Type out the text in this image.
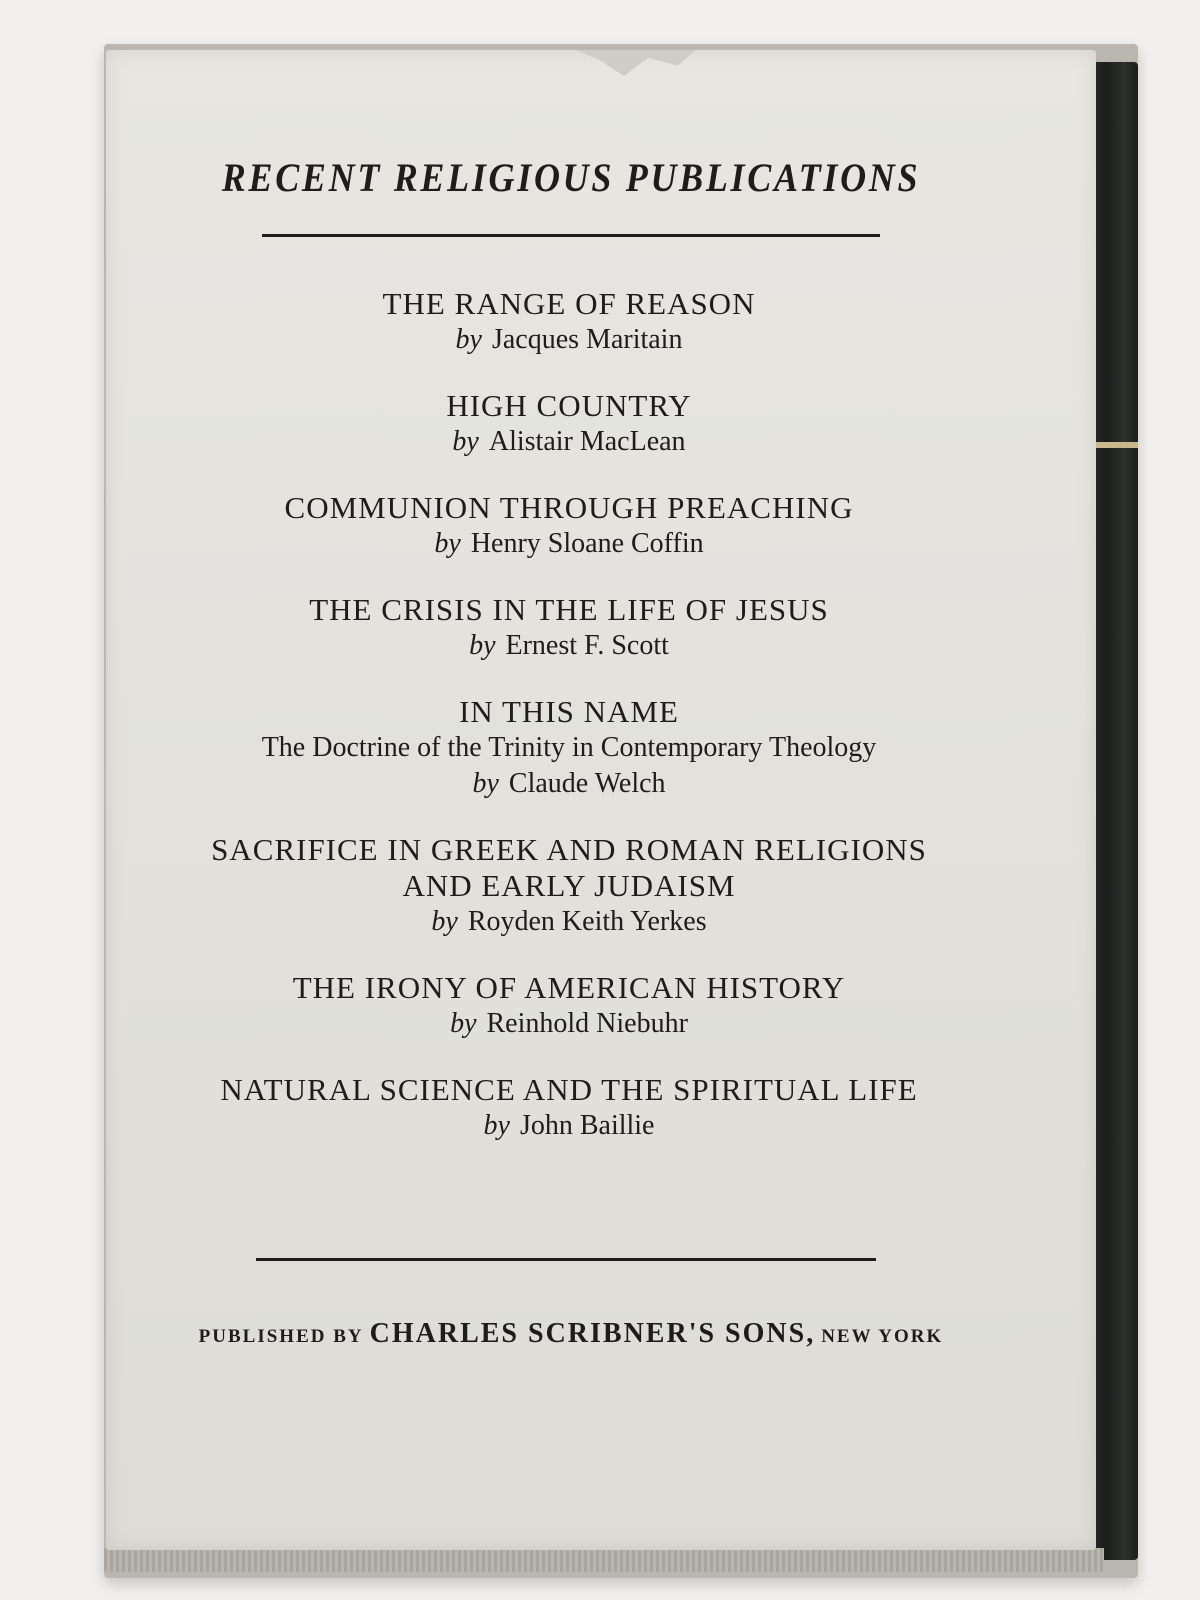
RECENT RELIGIOUS PUBLICATIONS
THE RANGE OF REASON
by Jacques Maritain
HIGH COUNTRY
by Alistair MacLean
COMMUNION THROUGH PREACHING
by Henry Sloane Coffin
THE CRISIS IN THE LIFE OF JESUS
by Ernest F. Scott
IN THIS NAME
The Doctrine of the Trinity in Contemporary Theology
by Claude Welch
SACRIFICE IN GREEK AND ROMAN RELIGIONS
AND EARLY JUDAISM
by Royden Keith Yerkes
THE IRONY OF AMERICAN HISTORY
by Reinhold Niebuhr
NATURAL SCIENCE AND THE SPIRITUAL LIFE
by John Baillie
PUBLISHED BY CHARLES SCRIBNER'S SONS, NEW YORK
